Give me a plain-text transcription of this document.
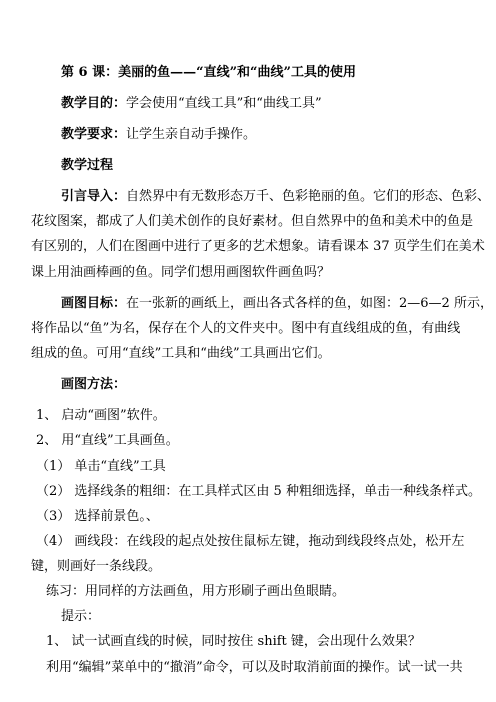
第 6 课：美丽的鱼——“直线”和“曲线”工具的使用
教学目的：学会使用“直线工具”和“曲线工具”
教学要求：让学生亲自动手操作。
教学过程
引言导入：自然界中有无数形态万千、色彩艳丽的鱼。它们的形态、色彩、
花纹图案，都成了人们美术创作的良好素材。但自然界中的鱼和美术中的鱼是
有区别的，人们在图画中进行了更多的艺术想象。请看课本 37 页学生们在美术
课上用油画棒画的鱼。同学们想用画图软件画鱼吗？
画图目标：在一张新的画纸上，画出各式各样的鱼，如图：2—6—2 所示，
将作品以“鱼”为名，保存在个人的文件夹中。图中有直线组成的鱼，有曲线
组成的鱼。可用“直线”工具和“曲线”工具画出它们。
画图方法：
1、 启动“画图”软件。
2、 用“直线”工具画鱼。
（1） 单击“直线”工具
（2） 选择线条的粗细：在工具样式区由 5 种粗细选择，单击一种线条样式。
（3） 选择前景色。、
（4） 画线段：在线段的起点处按住鼠标左键，拖动到线段终点处，松开左
键，则画好一条线段。
练习：用同样的方法画鱼，用方形刷子画出鱼眼睛。
提示：
1、 试一试画直线的时候，同时按住 shift 键，会出现什么效果？
利用“编辑”菜单中的“撤消”命令，可以及时取消前面的操作。试一试一共
